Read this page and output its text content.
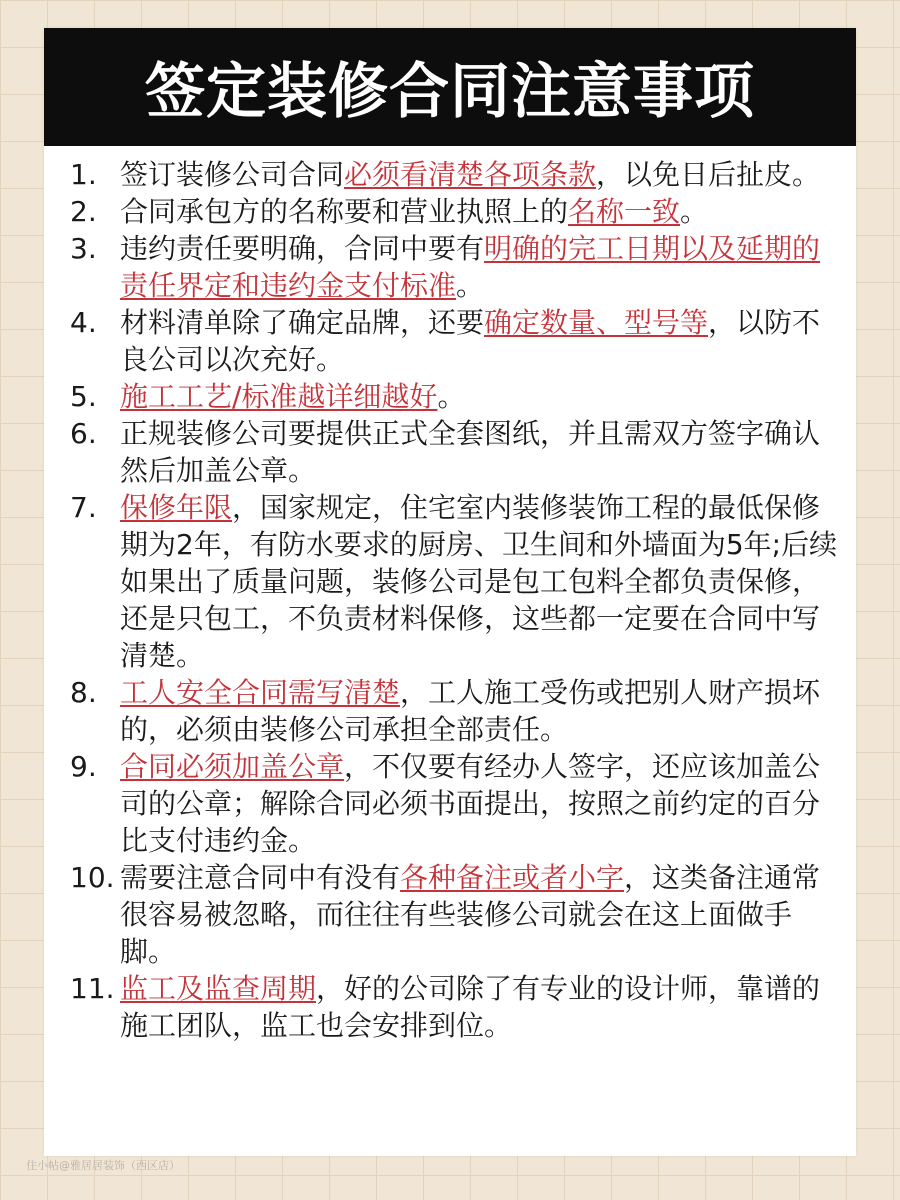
签定装修合同注意事项
1. 签订装修公司合同必须看清楚各项条款，以免日后扯皮。
2. 合同承包方的名称要和营业执照上的名称一致。
3. 违约责任要明确，合同中要有明确的完工日期以及延期的责任界定和违约金支付标准。
4. 材料清单除了确定品牌，还要确定数量、型号等，以防不良公司以次充好。
5. 施工工艺/标准越详细越好。
6. 正规装修公司要提供正式全套图纸，并且需双方签字确认然后加盖公章。
7. 保修年限，国家规定，住宅室内装修装饰工程的最低保修期为2年，有防水要求的厨房、卫生间和外墙面为5年;后续如果出了质量问题，装修公司是包工包料全都负责保修，还是只包工，不负责材料保修，这些都一定要在合同中写清楚。
8. 工人安全合同需写清楚，工人施工受伤或把别人财产损坏的，必须由装修公司承担全部责任。
9. 合同必须加盖公章，不仅要有经办人签字，还应该加盖公司的公章；解除合同必须书面提出，按照之前约定的百分比支付违约金。
10. 需要注意合同中有没有各种备注或者小字，这类备注通常很容易被忽略，而往往有些装修公司就会在这上面做手脚。
11. 监工及监查周期，好的公司除了有专业的设计师，靠谱的施工团队，监工也会安排到位。
住小帖@雅居居装饰（西区店）
